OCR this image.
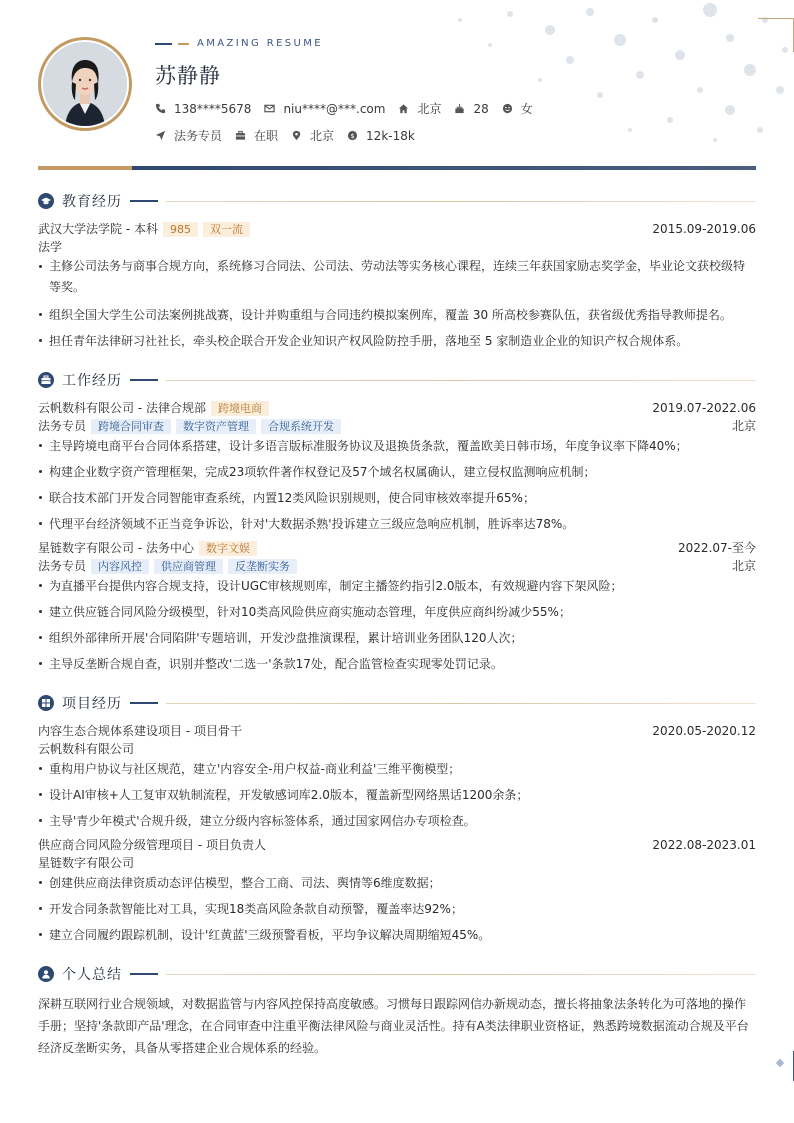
AMAZING RESUME
苏静静
138****5678	niu****@***.com	北京	28	女
法务专员	在职	北京 $ 12k-18k
教育经历
武汉大学法学院 - 本科	985	双一流	2015.09-2019.06
法学
主修公司法务与商事合规方向，系统修习合同法、公司法、劳动法等实务核心课程，连续三年获国家励志奖学金，毕业论文获校级特
等奖。
组织全国大学生公司法案例挑战赛，设计并购重组与合同违约模拟案例库，覆盖 30 所高校参赛队伍，获省级优秀指导教师提名。
担任青年法律研习社社长，牵头校企联合开发企业知识产权风险防控手册，落地至 5 家制造业企业的知识产权合规体系。
工作经历
云帆数科有限公司 - 法律合规部	跨境电商	2019.07-2022.06
法务专员	跨境合同审查	数字资产管理	合规系统开发	北京
主导跨境电商平台合同体系搭建，设计多语言版标准服务协议及退换货条款，覆盖欧美日韩市场，年度争议率下降40%；
构建企业数字资产管理框架，完成23项软件著作权登记及57个域名权属确认，建立侵权监测响应机制；
联合技术部门开发合同智能审查系统，内置12类风险识别规则，使合同审核效率提升65%；
代理平台经济领域不正当竞争诉讼，针对'大数据杀熟'投诉建立三级应急响应机制，胜诉率达78%。
星链数字有限公司 - 法务中心	数字文娱	2022.07-至今
法务专员	内容风控	供应商管理	反垄断实务	北京
为直播平台提供内容合规支持，设计UGC审核规则库，制定主播签约指引2.0版本，有效规避内容下架风险；
建立供应链合同风险分级模型，针对10类高风险供应商实施动态管理，年度供应商纠纷减少55%；
组织外部律所开展'合同陷阱'专题培训，开发沙盘推演课程，累计培训业务团队120人次；
主导反垄断合规自查，识别并整改'二选一'条款17处，配合监管检查实现零处罚记录。
项目经历
内容生态合规体系建设项目 - 项目骨干	2020.05-2020.12
云帆数科有限公司
重构用户协议与社区规范，建立'内容安全-用户权益-商业利益'三维平衡模型；
设计AI审核+人工复审双轨制流程，开发敏感词库2.0版本，覆盖新型网络黑话1200余条；
主导'青少年模式'合规升级，建立分级内容标签体系，通过国家网信办专项检查。
供应商合同风险分级管理项目 - 项目负责人	2022.08-2023.01
星链数字有限公司
创建供应商法律资质动态评估模型，整合工商、司法、舆情等6维度数据；
开发合同条款智能比对工具，实现18类高风险条款自动预警，覆盖率达92%；
建立合同履约跟踪机制，设计'红黄蓝'三级预警看板，平均争议解决周期缩短45%。
个人总结
深耕互联网行业合规领域，对数据监管与内容风控保持高度敏感。习惯每日跟踪网信办新规动态，擅长将抽象法条转化为可落地的操作手册；坚持'条款即产品'理念，在合同审查中注重平衡法律风险与商业灵活性。持有A类法律职业资格证，熟悉跨境数据流动合规及平台经济反垄断实务，具备从零搭建企业合规体系的经验。
